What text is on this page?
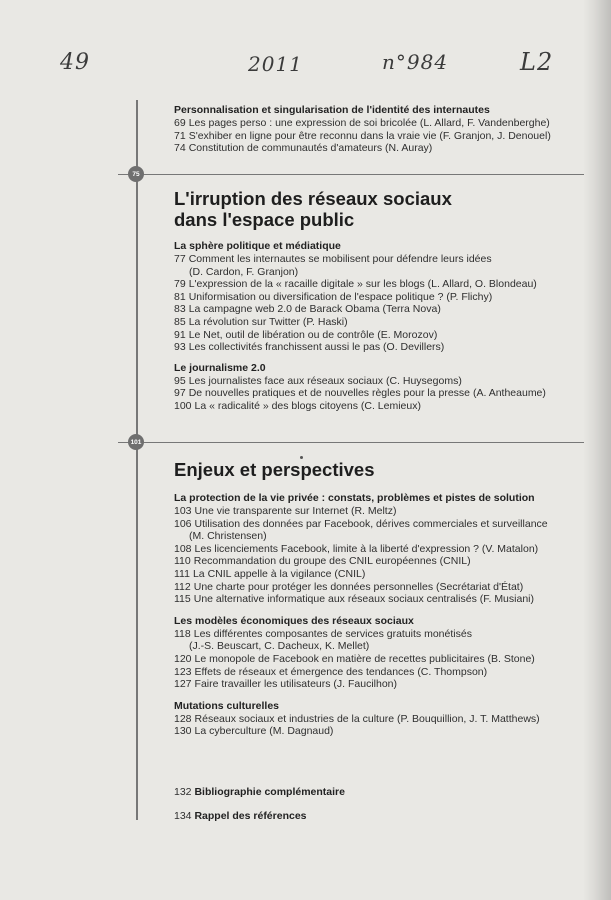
49	2011	n°984	L2
Personnalisation et singularisation de l'identité des internautes
69 Les pages perso : une expression de soi bricolée (L. Allard, F. Vandenberghe)
71 S'exhiber en ligne pour être reconnu dans la vraie vie (F. Granjon, J. Denouel)
74 Constitution de communautés d'amateurs (N. Auray)
75
L'irruption des réseaux sociaux
dans l'espace public
La sphère politique et médiatique
77 Comment les internautes se mobilisent pour défendre leurs idées
(D. Cardon, F. Granjon)
79 L'expression de la « racaille digitale » sur les blogs (L. Allard, O. Blondeau)
81 Uniformisation ou diversification de l'espace politique ? (P. Flichy)
83 La campagne web 2.0 de Barack Obama (Terra Nova)
85 La révolution sur Twitter (P. Haski)
91 Le Net, outil de libération ou de contrôle (E. Morozov)
93 Les collectivités franchissent aussi le pas (O. Devillers)
Le journalisme 2.0
95 Les journalistes face aux réseaux sociaux (C. Huysegoms)
97 De nouvelles pratiques et de nouvelles règles pour la presse (A. Antheaume)
100 La « radicalité » des blogs citoyens (C. Lemieux)
101
Enjeux et perspectives
La protection de la vie privée : constats, problèmes et pistes de solution
103 Une vie transparente sur Internet (R. Meltz)
106 Utilisation des données par Facebook, dérives commerciales et surveillance
(M. Christensen)
108 Les licenciements Facebook, limite à la liberté d'expression ? (V. Matalon)
110 Recommandation du groupe des CNIL européennes (CNIL)
111 La CNIL appelle à la vigilance (CNIL)
112 Une charte pour protéger les données personnelles (Secrétariat d'État)
115 Une alternative informatique aux réseaux sociaux centralisés (F. Musiani)
Les modèles économiques des réseaux sociaux
118 Les différentes composantes de services gratuits monétisés
(J.-S. Beuscart, C. Dacheux, K. Mellet)
120 Le monopole de Facebook en matière de recettes publicitaires (B. Stone)
123 Effets de réseaux et émergence des tendances (C. Thompson)
127 Faire travailler les utilisateurs (J. Faucilhon)
Mutations culturelles
128 Réseaux sociaux et industries de la culture (P. Bouquillion, J. T. Matthews)
130 La cyberculture (M. Dagnaud)
132 Bibliographie complémentaire
134 Rappel des références
